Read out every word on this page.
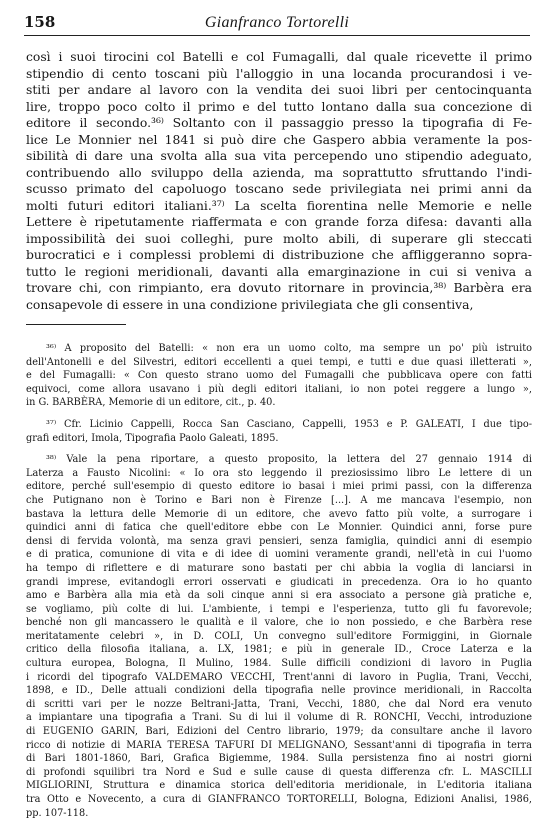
158	Gianfranco Tortorelli
così i suoi tirocini col Batelli e col Fumagalli, dal quale ricevette il primo
stipendio di cento toscani più l'alloggio in una locanda procurandosi i ve-
stiti per andare al lavoro con la vendita dei suoi libri per centocinquanta
lire, troppo poco colto il primo e del tutto lontano dalla sua concezione di
editore il secondo.³⁶⁾ Soltanto con il passaggio presso la tipografia di Fe-
lice Le Monnier nel 1841 si può dire che Gaspero abbia veramente la pos-
sibilità di dare una svolta alla sua vita percependo uno stipendio adeguato,
contribuendo allo sviluppo della azienda, ma soprattutto sfruttando l'indi-
scusso primato del capoluogo toscano sede privilegiata nei primi anni da
molti futuri editori italiani.³⁷⁾ La scelta fiorentina nelle Memorie e nelle
Lettere è ripetutamente riaffermata e con grande forza difesa: davanti alla
impossibilità dei suoi colleghi, pure molto abili, di superare gli steccati
burocratici e i complessi problemi di distribuzione che affliggeranno sopra-
tutto le regioni meridionali, davanti alla emarginazione in cui si veniva a
trovare chi, con rimpianto, era dovuto ritornare in provincia,³⁸⁾ Barbèra era
consapevole di essere in una condizione privilegiata che gli consentiva,
³⁶⁾ A proposito del Batelli: « non era un uomo colto, ma sempre un po' più istruito
dell'Antonelli e del Silvestri, editori eccellenti a quei tempi, e tutti e due quasi illetterati »,
e del Fumagalli: « Con questo strano uomo del Fumagalli che pubblicava opere con fatti
equivoci, come allora usavano i più degli editori italiani, io non potei reggere a lungo »,
in G. BARBÈRA, Memorie di un editore, cit., p. 40.
³⁷⁾ Cfr. Licinio Cappelli, Rocca San Casciano, Cappelli, 1953 e P. GALEATI, I due tipo-
grafi editori, Imola, Tipografia Paolo Galeati, 1895.
³⁸⁾ Vale la pena riportare, a questo proposito, la lettera del 27 gennaio 1914 di
Laterza a Fausto Nicolini: « Io ora sto leggendo il preziosissimo libro Le lettere di un
editore, perché sull'esempio di questo editore io basai i miei primi passi, con la differenza
che Putignano non è Torino e Bari non è Firenze [...]. A me mancava l'esempio, non
bastava la lettura delle Memorie di un editore, che avevo fatto più volte, a surrogare i
quindici anni di fatica che quell'editore ebbe con Le Monnier. Quindici anni, forse pure
densi di fervida volontà, ma senza gravi pensieri, senza famiglia, quindici anni di esempio
e di pratica, comunione di vita e di idee di uomini veramente grandi, nell'età in cui l'uomo
ha tempo di riflettere e di maturare sono bastati per chi abbia la voglia di lanciarsi in
grandi imprese, evitandogli errori osservati e giudicati in precedenza. Ora io ho quanto
amo e Barbèra alla mia età da soli cinque anni si era associato a persone già pratiche e,
se vogliamo, più colte di lui. L'ambiente, i tempi e l'esperienza, tutto gli fu favorevole;
benché non gli mancassero le qualità e il valore, che io non possiedo, e che Barbèra rese
meritatamente celebri », in D. COLI, Un convegno sull'editore Formiggini, in Giornale
critico della filosofia italiana, a. LX, 1981; e più in generale ID., Croce Laterza e la
cultura europea, Bologna, Il Mulino, 1984. Sulle difficili condizioni di lavoro in Puglia
i ricordi del tipografo VALDEMARO VECCHI, Trent'anni di lavoro in Puglia, Trani, Vecchi,
1898, e ID., Delle attuali condizioni della tipografia nelle province meridionali, in Raccolta
di scritti vari per le nozze Beltrani-Jatta, Trani, Vecchi, 1880, che dal Nord era venuto
a impiantare una tipografia a Trani. Su di lui il volume di R. RONCHI, Vecchi, introduzione
di EUGENIO GARIN, Bari, Edizioni del Centro librario, 1979; da consultare anche il lavoro
ricco di notizie di MARIA TERESA TAFURI DI MELIGNANO, Sessant'anni di tipografia in terra
di Bari 1801-1860, Bari, Grafica Bigiemme, 1984. Sulla persistenza fino ai nostri giorni
di profondi squilibri tra Nord e Sud e sulle cause di questa differenza cfr. L. MASCILLI
MIGLIORINI, Struttura e dinamica storica dell'editoria meridionale, in L'editoria italiana
tra Otto e Novecento, a cura di GIANFRANCO TORTORELLI, Bologna, Edizioni Analisi, 1986,
pp. 107-118.
